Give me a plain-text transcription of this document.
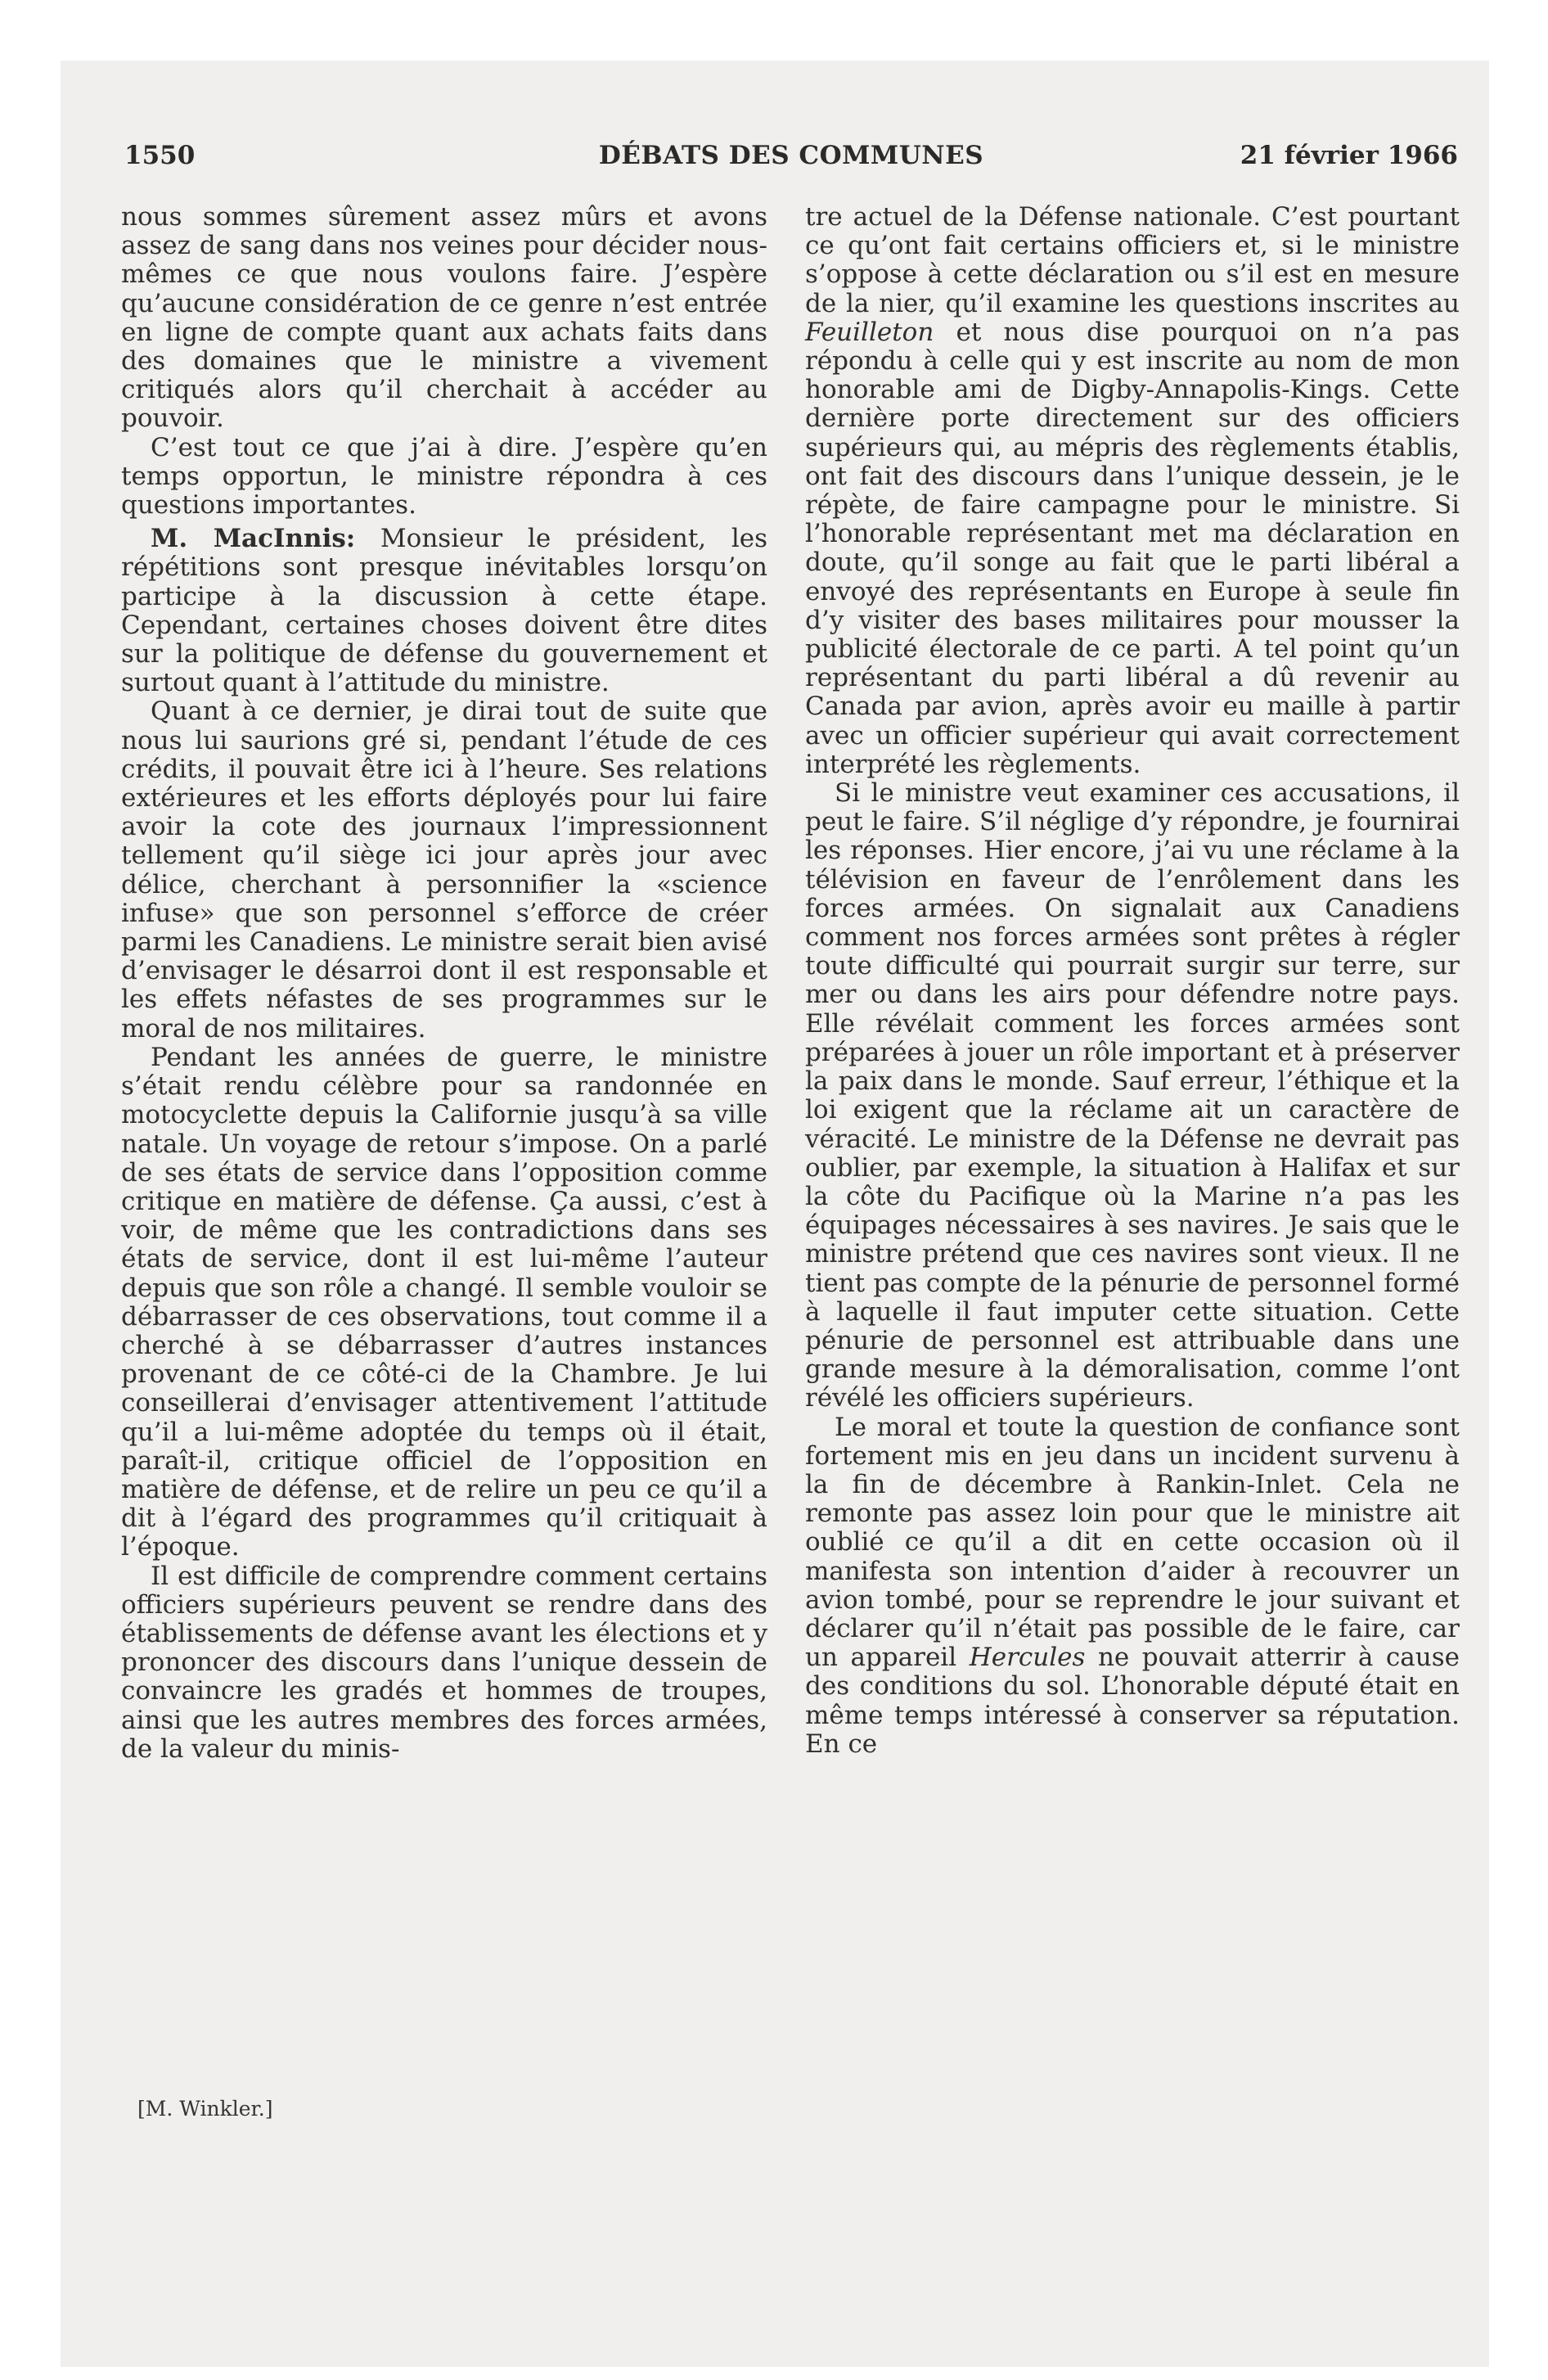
1550	DÉBATS DES COMMUNES	21 février 1966

nous sommes sûrement assez mûrs et avons assez de sang dans nos veines pour décider nous-mêmes ce que nous voulons faire. J’espère qu’aucune considération de ce genre n’est entrée en ligne de compte quant aux achats faits dans des domaines que le ministre a vivement critiqués alors qu’il cherchait à accéder au pouvoir.

C’est tout ce que j’ai à dire. J’espère qu’en temps opportun, le ministre répondra à ces questions importantes.

M. MacInnis: Monsieur le président, les répétitions sont presque inévitables lorsqu’on participe à la discussion à cette étape. Cependant, certaines choses doivent être dites sur la politique de défense du gouvernement et surtout quant à l’attitude du ministre.

Quant à ce dernier, je dirai tout de suite que nous lui saurions gré si, pendant l’étude de ces crédits, il pouvait être ici à l’heure. Ses relations extérieures et les efforts déployés pour lui faire avoir la cote des journaux l’impressionnent tellement qu’il siège ici jour après jour avec délice, cherchant à personnifier la «science infuse» que son personnel s’efforce de créer parmi les Canadiens. Le ministre serait bien avisé d’envisager le désarroi dont il est responsable et les effets néfastes de ses programmes sur le moral de nos militaires.

Pendant les années de guerre, le ministre s’était rendu célèbre pour sa randonnée en motocyclette depuis la Californie jusqu’à sa ville natale. Un voyage de retour s’impose. On a parlé de ses états de service dans l’opposition comme critique en matière de défense. Ça aussi, c’est à voir, de même que les contradictions dans ses états de service, dont il est lui-même l’auteur depuis que son rôle a changé. Il semble vouloir se débarrasser de ces observations, tout comme il a cherché à se débarrasser d’autres instances provenant de ce côté-ci de la Chambre. Je lui conseillerai d’envisager attentivement l’attitude qu’il a lui-même adoptée du temps où il était, paraît-il, critique officiel de l’opposition en matière de défense, et de relire un peu ce qu’il a dit à l’égard des programmes qu’il critiquait à l’époque.

Il est difficile de comprendre comment certains officiers supérieurs peuvent se rendre dans des établissements de défense avant les élections et y prononcer des discours dans l’unique dessein de convaincre les gradés et hommes de troupes, ainsi que les autres membres des forces armées, de la valeur du minis-

[M. Winkler.]

tre actuel de la Défense nationale. C’est pourtant ce qu’ont fait certains officiers et, si le ministre s’oppose à cette déclaration ou s’il est en mesure de la nier, qu’il examine les questions inscrites au Feuilleton et nous dise pourquoi on n’a pas répondu à celle qui y est inscrite au nom de mon honorable ami de Digby-Annapolis-Kings. Cette dernière porte directement sur des officiers supérieurs qui, au mépris des règlements établis, ont fait des discours dans l’unique dessein, je le répète, de faire campagne pour le ministre. Si l’honorable représentant met ma déclaration en doute, qu’il songe au fait que le parti libéral a envoyé des représentants en Europe à seule fin d’y visiter des bases militaires pour mousser la publicité électorale de ce parti. A tel point qu’un représentant du parti libéral a dû revenir au Canada par avion, après avoir eu maille à partir avec un officier supérieur qui avait correctement interprété les règlements.

Si le ministre veut examiner ces accusations, il peut le faire. S’il néglige d’y répondre, je fournirai les réponses. Hier encore, j’ai vu une réclame à la télévision en faveur de l’enrôlement dans les forces armées. On signalait aux Canadiens comment nos forces armées sont prêtes à régler toute difficulté qui pourrait surgir sur terre, sur mer ou dans les airs pour défendre notre pays. Elle révélait comment les forces armées sont préparées à jouer un rôle important et à préserver la paix dans le monde. Sauf erreur, l’éthique et la loi exigent que la réclame ait un caractère de véracité. Le ministre de la Défense ne devrait pas oublier, par exemple, la situation à Halifax et sur la côte du Pacifique où la Marine n’a pas les équipages nécessaires à ses navires. Je sais que le ministre prétend que ces navires sont vieux. Il ne tient pas compte de la pénurie de personnel formé à laquelle il faut imputer cette situation. Cette pénurie de personnel est attribuable dans une grande mesure à la démoralisation, comme l’ont révélé les officiers supérieurs.

Le moral et toute la question de confiance sont fortement mis en jeu dans un incident survenu à la fin de décembre à Rankin-Inlet. Cela ne remonte pas assez loin pour que le ministre ait oublié ce qu’il a dit en cette occasion où il manifesta son intention d’aider à recouvrer un avion tombé, pour se reprendre le jour suivant et déclarer qu’il n’était pas possible de le faire, car un appareil Hercules ne pouvait atterrir à cause des conditions du sol. L’honorable député était en même temps intéressé à conserver sa réputation. En ce
